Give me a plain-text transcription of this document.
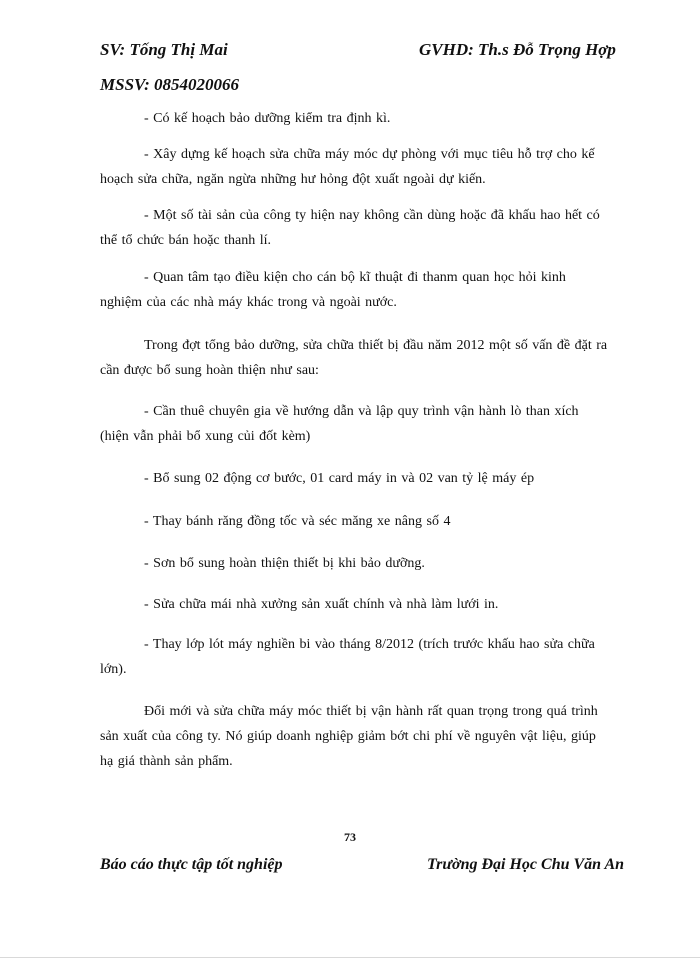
SV: Tống Thị Mai	GVHD: Th.s Đỗ Trọng Hợp
MSSV: 0854020066
- Có kế hoạch bảo dưỡng kiểm tra định kì.
- Xây dựng kế hoạch sửa chữa máy móc dự phòng với mục tiêu hỗ trợ cho kế
hoạch sửa chữa, ngăn ngừa những hư hỏng đột xuất ngoài dự kiến.
- Một số tài sản của công ty hiện nay không cần dùng hoặc đã khấu hao hết có
thể tổ chức bán hoặc thanh lí.
- Quan tâm tạo điều kiện cho cán bộ kĩ thuật đi thanm quan học hỏi kinh
nghiệm của các nhà máy khác trong và ngoài nước.
Trong đợt tổng bảo dưỡng, sửa chữa thiết bị đầu năm 2012 một số vấn đề đặt ra
cần được bổ sung hoàn thiện như sau:
- Cần thuê chuyên gia về hướng dẫn và lập quy trình vận hành lò than xích
(hiện vẫn phải bổ xung củi đốt kèm)
- Bổ sung 02 động cơ bước, 01 card máy in và 02 van tỷ lệ máy ép
- Thay bánh răng đồng tốc và séc măng xe nâng số 4
- Sơn bổ sung hoàn thiện thiết bị khi bảo dưỡng.
- Sửa chữa mái nhà xưởng sản xuất chính và nhà làm lưới in.
- Thay lớp lót máy nghiền bi vào tháng 8/2012 (trích trước khấu hao sửa chữa
lớn).
Đổi mới và sửa chữa máy móc thiết bị vận hành rất quan trọng trong quá trình
sản xuất của công ty. Nó giúp doanh nghiệp giảm bớt chi phí về nguyên vật liệu, giúp
hạ giá thành sản phẩm.
73
Báo cáo thực tập tốt nghiệp	Trường Đại Học Chu Văn An
